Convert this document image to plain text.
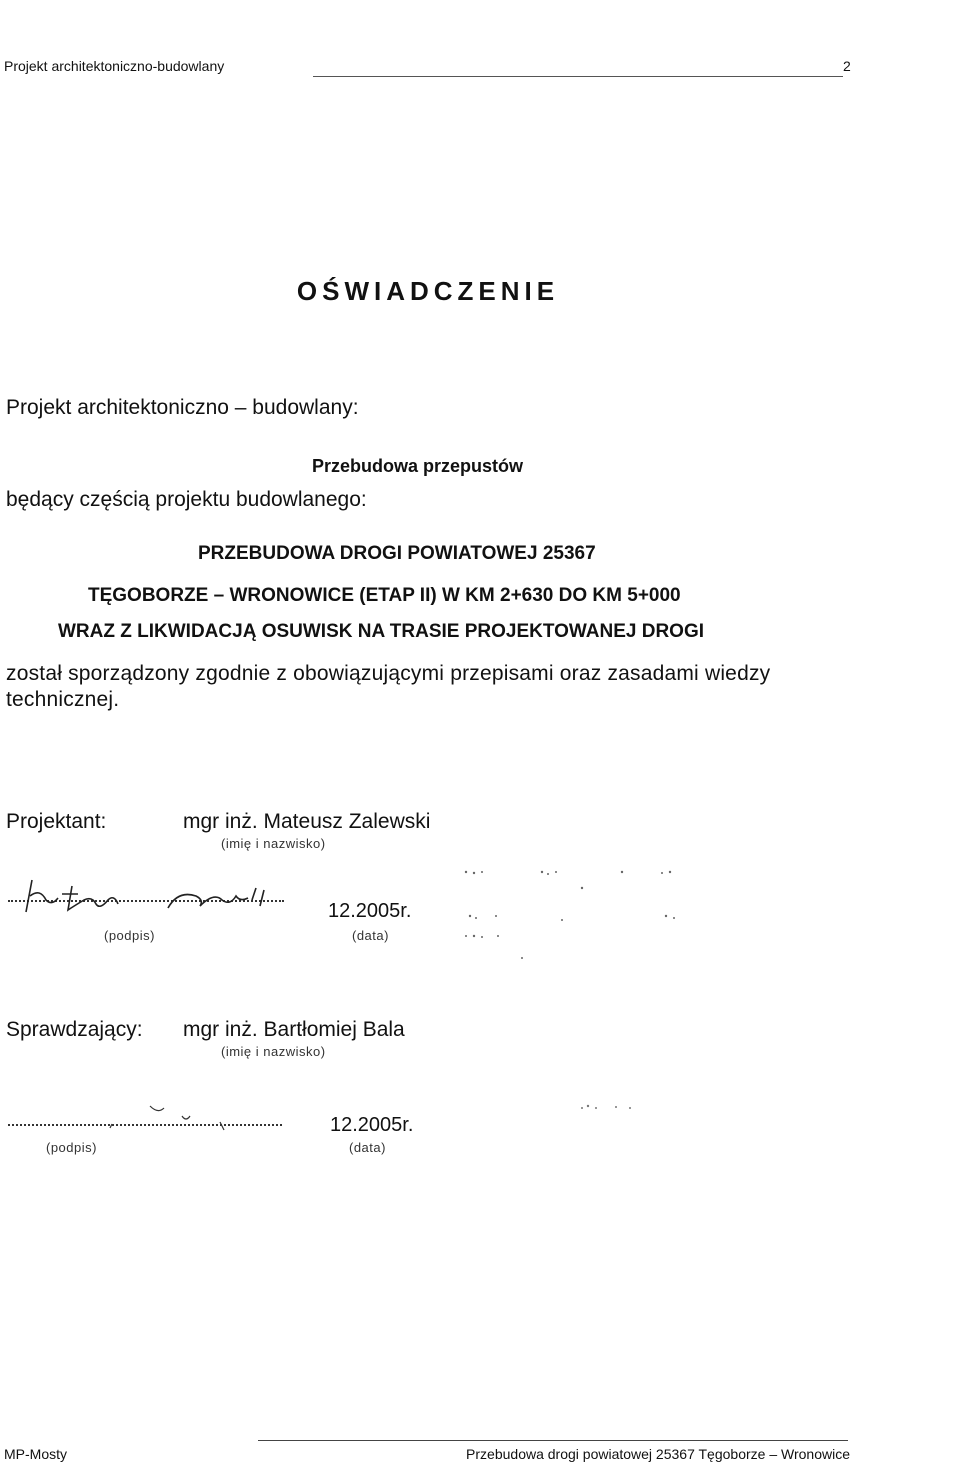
Projekt architektoniczno-budowlany	2
OŚWIADCZENIE
Projekt architektoniczno – budowlany:
Przebudowa przepustów
będący częścią projektu budowlanego:
PRZEBUDOWA DROGI POWIATOWEJ 25367
TĘGOBORZE – WRONOWICE (ETAP II) W KM 2+630 DO KM 5+000
WRAZ Z LIKWIDACJĄ OSUWISK NA TRASIE PROJEKTOWANEJ DROGI
został sporządzony zgodnie z obowiązującymi przepisami oraz zasadami wiedzy
technicznej.
Projektant:	mgr inż. Mateusz Zalewski
(imię i nazwisko)
(podpis)
12.2005r.
(data)
Sprawdzający: mgr inż. Bartłomiej Bala
(imię i nazwisko)
(podpis)
12.2005r.
(data)
MP-Mosty	Przebudowa drogi powiatowej 25367 Tęgoborze – Wronowice
